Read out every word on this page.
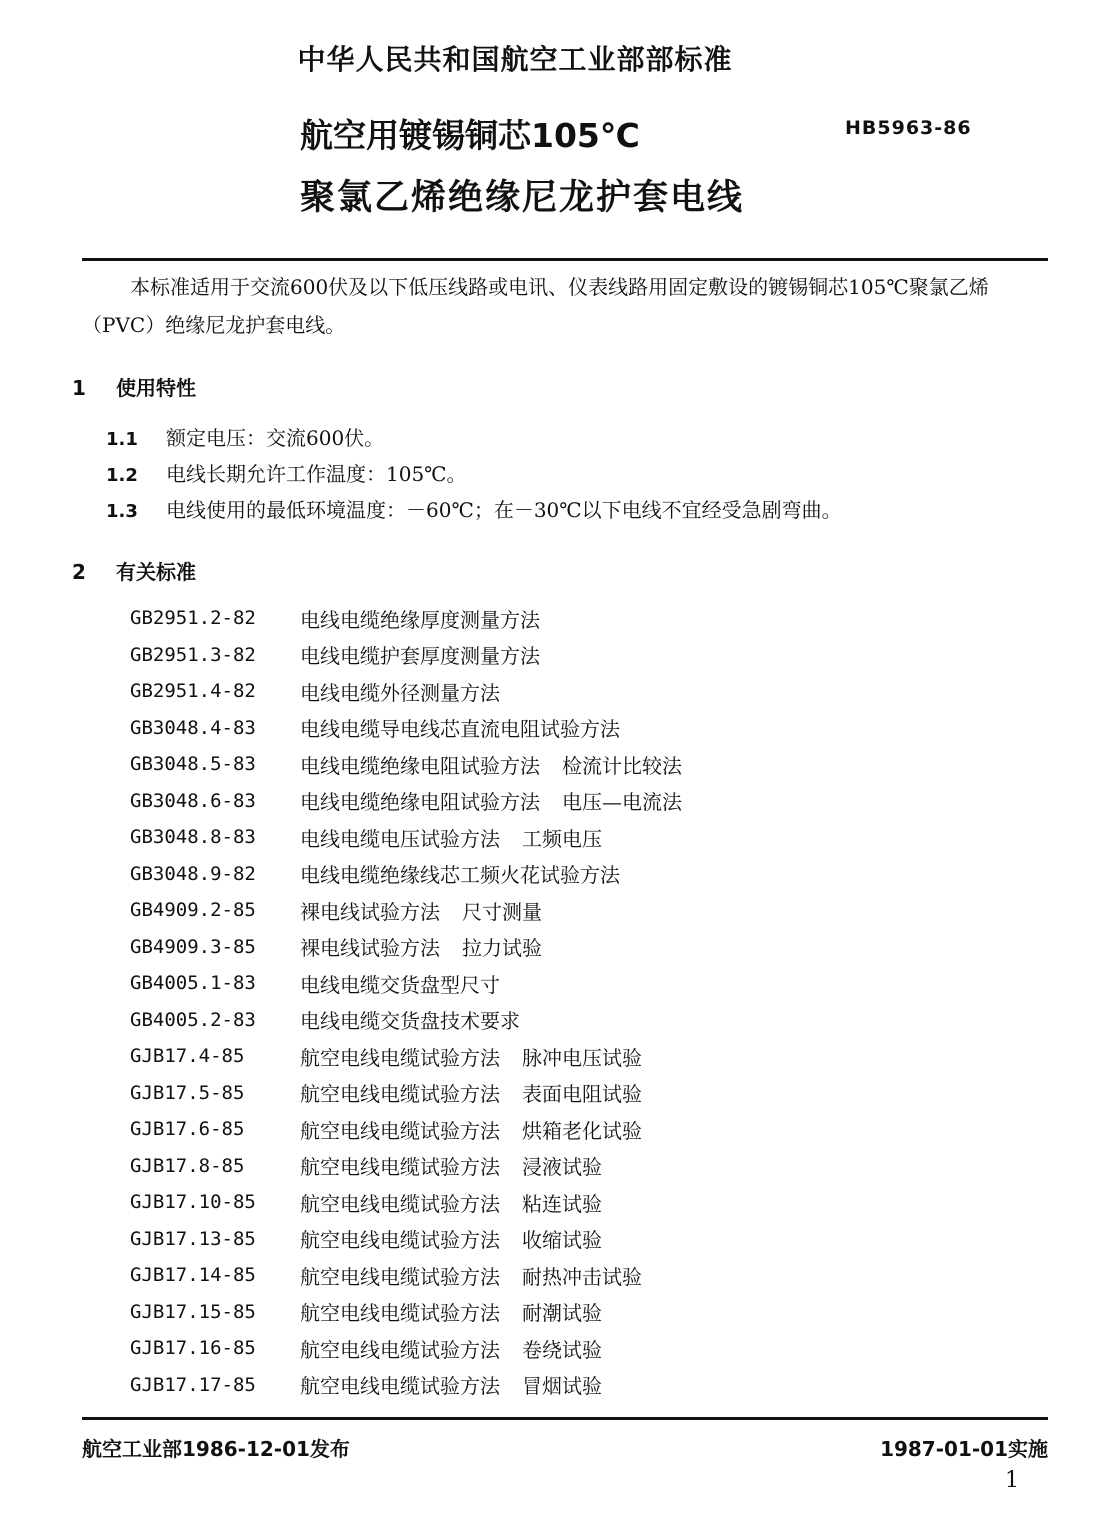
中华人民共和国航空工业部部标准
航空用镀锡铜芯105℃	HB5963-86
聚氯乙烯绝缘尼龙护套电线
本标准适用于交流600伏及以下低压线路或电讯、仪表线路用固定敷设的镀锡铜芯105℃聚氯乙烯（PVC）绝缘尼龙护套电线。
1 使用特性
1.1 额定电压：交流600伏。
1.2 电线长期允许工作温度：105℃。
1.3 电线使用的最低环境温度：－60℃；在－30℃以下电线不宜经受急剧弯曲。
2 有关标准
GB2951.2-82	电线电缆绝缘厚度测量方法
GB2951.3-82	电线电缆护套厚度测量方法
GB2951.4-82	电线电缆外径测量方法
GB3048.4-83	电线电缆导电线芯直流电阻试验方法
GB3048.5-83	电线电缆绝缘电阻试验方法 检流计比较法
GB3048.6-83	电线电缆绝缘电阻试验方法 电压—电流法
GB3048.8-83	电线电缆电压试验方法 工频电压
GB3048.9-82	电线电缆绝缘线芯工频火花试验方法
GB4909.2-85	裸电线试验方法 尺寸测量
GB4909.3-85	裸电线试验方法 拉力试验
GB4005.1-83	电线电缆交货盘型尺寸
GB4005.2-83	电线电缆交货盘技术要求
GJB17.4-85	航空电线电缆试验方法 脉冲电压试验
GJB17.5-85	航空电线电缆试验方法 表面电阻试验
GJB17.6-85	航空电线电缆试验方法 烘箱老化试验
GJB17.8-85	航空电线电缆试验方法 浸液试验
GJB17.10-85	航空电线电缆试验方法 粘连试验
GJB17.13-85	航空电线电缆试验方法 收缩试验
GJB17.14-85	航空电线电缆试验方法 耐热冲击试验
GJB17.15-85	航空电线电缆试验方法 耐潮试验
GJB17.16-85	航空电线电缆试验方法 卷绕试验
GJB17.17-85	航空电线电缆试验方法 冒烟试验
航空工业部1986-12-01发布	1987-01-01实施
1
